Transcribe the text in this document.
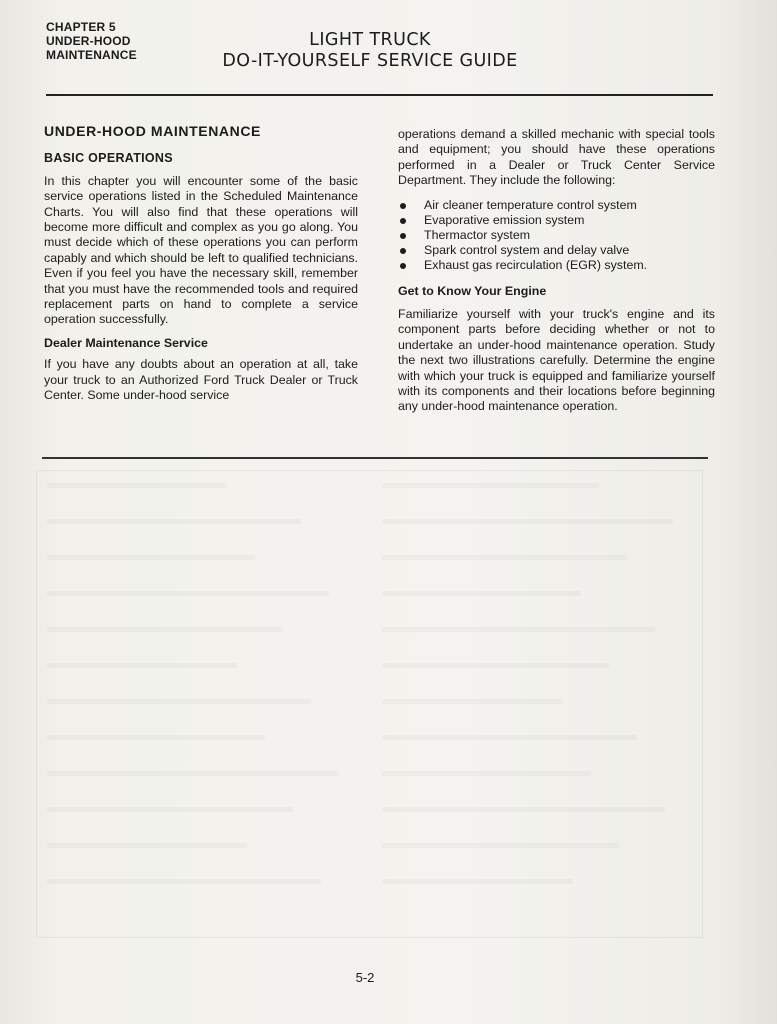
CHAPTER 5
UNDER-HOOD
MAINTENANCE
LIGHT TRUCK
DO-IT-YOURSELF SERVICE GUIDE
UNDER-HOOD MAINTENANCE
BASIC OPERATIONS

In this chapter you will encounter some of the basic service operations listed in the Scheduled Maintenance Charts. You will also find that these operations will become more difficult and complex as you go along. You must decide which of these operations you can perform capably and which should be left to qualified technicians. Even if you feel you have the necessary skill, remember that you must have the recommended tools and required replacement parts on hand to complete a service operation successfully.

Dealer Maintenance Service

If you have any doubts about an operation at all, take your truck to an Authorized Ford Truck Dealer or Truck Center. Some under-hood service

operations demand a skilled mechanic with special tools and equipment; you should have these operations performed in a Dealer or Truck Center Service Department. They include the following:

Air cleaner temperature control system
Evaporative emission system
Thermactor system
Spark control system and delay valve
Exhaust gas recirculation (EGR) system.
Get to Know Your Engine

Familiarize yourself with your truck's engine and its component parts before deciding whether or not to undertake an under-hood maintenance operation. Study the next two illustrations carefully. Determine the engine with which your truck is equipped and familiarize yourself with its components and their locations before beginning any under-hood maintenance operation.

5-2
